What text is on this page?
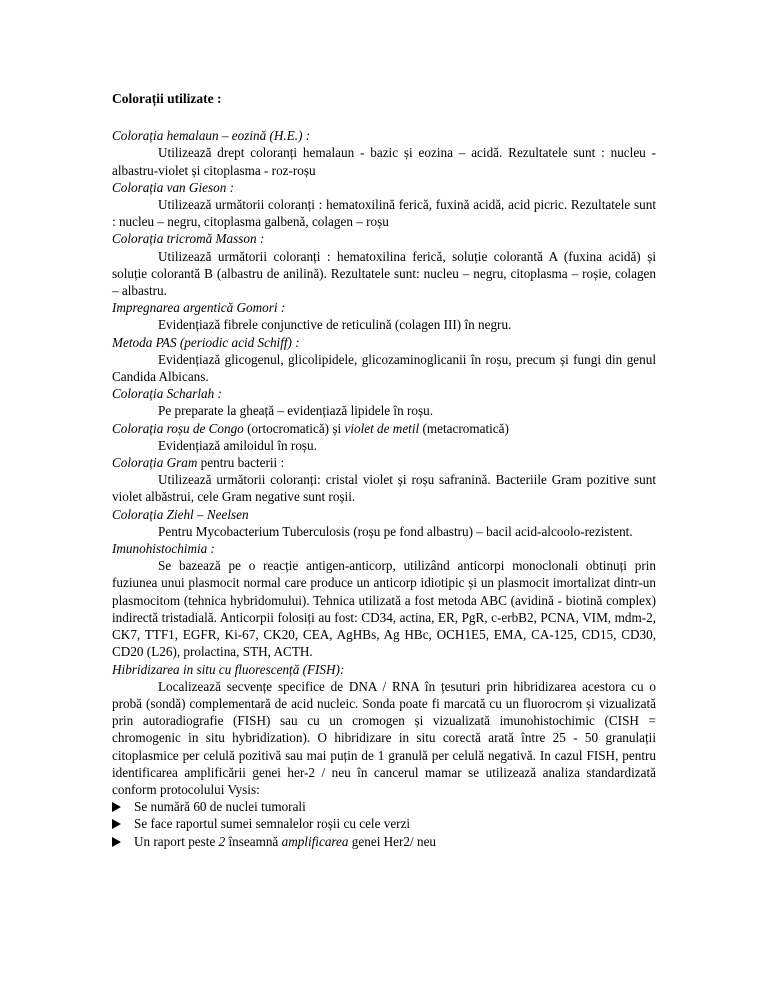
Colorații utilizate :
Colorația hemalaun – eozină (H.E.) :
Utilizează drept coloranți hemalaun - bazic și eozina – acidă. Rezultatele sunt : nucleu - albastru-violet și citoplasma - roz-roșu
Colorația van Gieson :
Utilizează următorii coloranți : hematoxilină ferică, fuxină acidă, acid picric. Rezultatele sunt : nucleu – negru, citoplasma galbenă, colagen – roșu
Colorația tricromă Masson :
Utilizează următorii coloranți : hematoxilina ferică, soluție colorantă A (fuxina acidă) și soluție colorantă B (albastru de anilină). Rezultatele sunt: nucleu – negru, citoplasma – roșie, colagen – albastru.
Impregnarea argentică Gomori :
Evidențiază fibrele conjunctive de reticulină (colagen III) în negru.
Metoda PAS (periodic acid Schiff) :
Evidențiază glicogenul, glicolipidele, glicozaminoglicanii în roșu, precum și fungi din genul Candida Albicans.
Colorația Scharlah :
Pe preparate la gheață – evidențiază lipidele în roșu.
Colorația roșu de Congo (ortocromatică) și violet de metil (metacromatică)
Evidențiază amiloidul în roșu.
Colorația Gram pentru bacterii :
Utilizează următorii coloranți: cristal violet și roșu safranină. Bacteriile Gram pozitive sunt violet albăstrui, cele Gram negative sunt roșii.
Colorația Ziehl – Neelsen
Pentru Mycobacterium Tuberculosis (roșu pe fond albastru) – bacil acid-alcoolo-rezistent.
Imunohistochimia :
Se bazează pe o reacție antigen-anticorp, utilizând anticorpi monoclonali obtinuți prin fuziunea unui plasmocit normal care produce un anticorp idiotipic și un plasmocit imortalizat dintr-un plasmocitom (tehnica hybridomului). Tehnica utilizată a fost metoda ABC (avidină - biotină complex) indirectă tristadială. Anticorpii folosiți au fost: CD34, actina, ER, PgR, c-erbB2, PCNA, VIM, mdm-2, CK7, TTF1, EGFR, Ki-67, CK20, CEA, AgHBs, Ag HBc, OCH1E5, EMA, CA-125, CD15, CD30, CD20 (L26), prolactina, STH, ACTH.
Hibridizarea in situ cu fluorescență (FISH):
Localizează secvențe specifice de DNA / RNA în țesuturi prin hibridizarea acestora cu o probă (sondă) complementară de acid nucleic. Sonda poate fi marcată cu un fluorocrom și vizualizată prin autoradiografie (FISH) sau cu un cromogen și vizualizată imunohistochimic (CISH = chromogenic in situ hybridization). O hibridizare in situ corectă arată între 25 - 50 granulații citoplasmice per celulă pozitivă sau mai puțin de 1 granulă per celulă negativă. In cazul FISH, pentru identificarea amplificării genei her-2 / neu în cancerul mamar se utilizează analiza standardizată conform protocolului Vysis:
Se numără 60 de nuclei tumorali
Se face raportul sumei semnalelor roșii cu cele verzi
Un raport peste 2 înseamnă amplificarea genei Her2/ neu
